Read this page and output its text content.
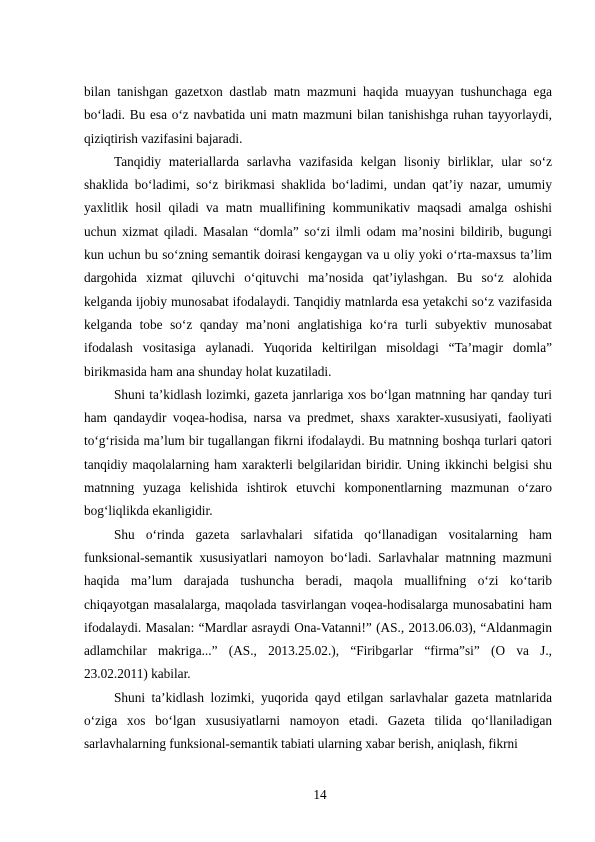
bilan tanishgan gazetxon dastlab matn mazmuni haqida muayyan tushunchaga ega bo‘ladi. Bu esa o‘z navbatida uni matn mazmuni bilan tanishishga ruhan tayyorlaydi, qiziqtirish vazifasini bajaradi.

Tanqidiy materiallarda sarlavha vazifasida kelgan lisoniy birliklar, ular so‘z shaklida bo‘ladimi, so‘z birikmasi shaklida bo‘ladimi, undan qat’iy nazar, umumiy yaxlitlik hosil qiladi va matn muallifining kommunikativ maqsadi amalga oshishi uchun xizmat qiladi. Masalan “domla” so‘zi ilmli odam ma’nosini bildirib, bugungi kun uchun bu so‘zning semantik doirasi kengaygan va u oliy yoki o‘rta-maxsus ta’lim dargohida xizmat qiluvchi o‘qituvchi ma’nosida qat’iylashgan. Bu so‘z alohida kelganda ijobiy munosabat ifodalaydi. Tanqidiy matnlarda esa yetakchi so‘z vazifasida kelganda tobe so‘z qanday ma’noni anglatishiga ko‘ra turli subyektiv munosabat ifodalash vositasiga aylanadi. Yuqorida keltirilgan misoldagi “Ta’magir domla” birikmasida ham ana shunday holat kuzatiladi.

Shuni ta’kidlash lozimki, gazeta janrlariga xos bo‘lgan matnning har qanday turi ham qandaydir voqea-hodisa, narsa va predmet, shaxs xarakter-xususiyati, faoliyati to‘g‘risida ma’lum bir tugallangan fikrni ifodalaydi. Bu matnning boshqa turlari qatori tanqidiy maqolalarning ham xarakterli belgilaridan biridir. Uning ikkinchi belgisi shu matnning yuzaga kelishida ishtirok etuvchi komponentlarning mazmunan o‘zaro bog‘liqlikda ekanligidir.

Shu o‘rinda gazeta sarlavhalari sifatida qo‘llanadigan vositalarning ham funksional-semantik xususiyatlari namoyon bo‘ladi. Sarlavhalar matnning mazmuni haqida ma’lum darajada tushuncha beradi, maqola muallifning o‘zi ko‘tarib chiqayotgan masalalarga, maqolada tasvirlangan voqea-hodisalarga munosabatini ham ifodalaydi. Masalan: “Mardlar asraydi Ona-Vatanni!” (AS., 2013.06.03), “Aldanmagin adlamchilar makriga...” (AS., 2013.25.02.), “Firibgarlar “firma”si” (O va J., 23.02.2011) kabilar.

Shuni ta’kidlash lozimki, yuqorida qayd etilgan sarlavhalar gazeta matnlarida o‘ziga xos bo‘lgan xususiyatlarni namoyon etadi. Gazeta tilida qo‘llaniladigan sarlavhalarning funksional-semantik tabiati ularning xabar berish, aniqlash, fikrni

14
